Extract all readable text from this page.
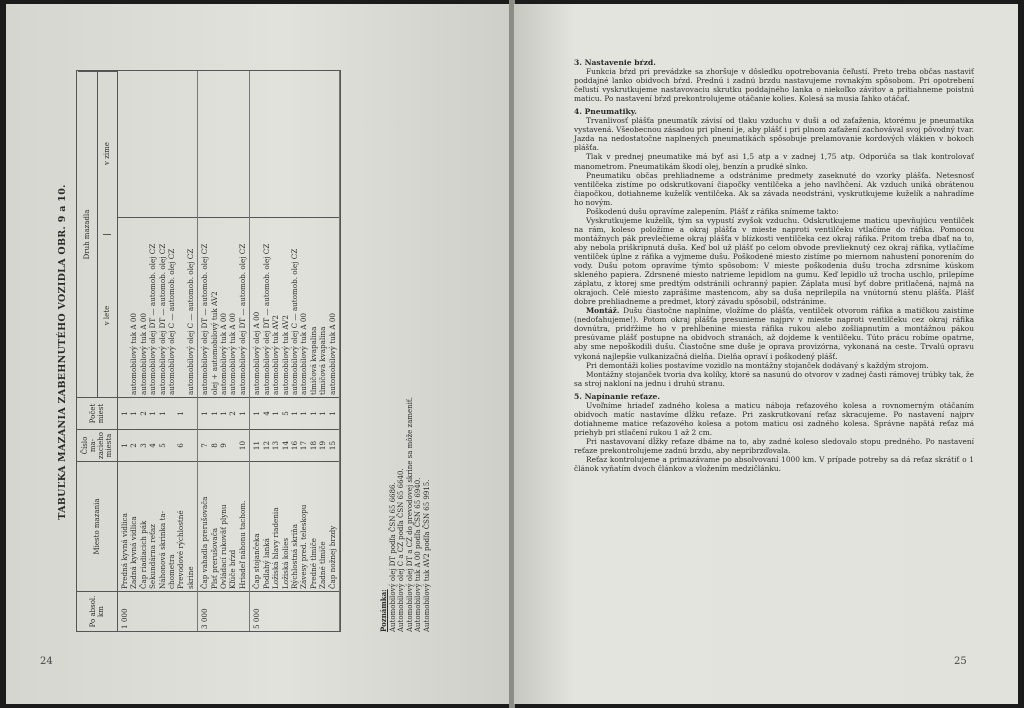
TABUĽKA MAZANIA ZABEHNUTÉHO VOZIDLA OBR. 9 a 10.
Po absol. km
Miesto mazania
Číslo ma- zacieho miesta
Počet miest
Druh mazadla
v lete
v zime
1 000
Predná kyvná vidlica Zadná kyvná vidlica Čap riadiacich pák Sekundárna reťaz Náhonová skrinka ta- chometra Prevodové rýchlostné skrine
1 2 3 4 5
6

1 1 2 1 1
1

automobilový tuk A 00 automobilový tuk A 00 automobilový olej DT — automob. olej CZ automobilový olej DT — automob. olej CZ automobilový olej C — automob. olej CZ
automobilový olej C — automob. olej CZ

3 000
Čap vahadla prerušovača Plsť prerušovača Ovládací rukoväť plynu Kľúče bŕzd Hriadeľ náhonu tachom.
7 8 9
10
1 1 1 2 1
automobilový olej DT — automob. olej CZ olej + automobilový tuk AV2 automobilový tuk A 00 automobilový tuk A 00 automobilový olej DT — automob. olej CZ

5 000
Čap stojančeka Podlahý lanká Ložiská hlavy riadenia Ložiská kolies Rýchlostná skriňa Závesy pred. teleskopu Predné tlmiče Zadné tlmiče Čap nožnej brzdy
11 12 13 14 16 17 18 19 15
1 4 1 5 1 1 1 1 1
automobilový olej A 00 automobilový olej DT — automob. olej CZ automobilový tuk AV2 automobilový tuk AV2 automobilový olej C — automob. olej CZ automobilový tuk A 00 tlmičová kvapalina tlmičová kvapalina automobilový tuk A 00

Poznámka: Automobilový olej DT podľa ČSN 65 6686. Automobilový olej C a CZ podľa ČSN 65 6640. Automobilový olej DT a CZ do prevodovej skrine sa môže zameniť. Automobilový tuk A 00 podľa ČSN 65 6940. Automobilový tuk AV2 podľa ČSN 65 9915.
24
3. Nastavenie bŕzd.

Funkcia bŕzd pri prevádzke sa zhoršuje v dôsledku opotrebovania čeľustí. Preto treba občas nastaviť poddajné lanko obidvoch bŕzd. Prednú i zadnú brzdu nastavujeme rovnakým spôsobom. Pri opotrebení čeľustí vyskrutkujeme nastavovaciu skrutku poddajného lanka o niekoľko závitov a pritiahneme poistnú maticu. Po nastavení bŕzd prekontrolujeme otáčanie kolies. Kolesá sa musia ľahko otáčať.

4. Pneumatiky.

Trvanlivosť plášťa pneumatík závisí od tlaku vzduchu v duši a od zaťaženia, ktorému je pneumatika vystavená. Všeobecnou zásadou pri plnení je, aby plášť i pri plnom zaťažení zachovával svoj pôvodný tvar. Jazda na nedostatočne naplnených pneumatikách spôsobuje prelamovanie kordových vlákien v bokoch plášťa.

Tlak v prednej pneumatike má byť asi 1,5 atp a v zadnej 1,75 atp. Odporúča sa tlak kontrolovať manometrom. Pneumatikám škodí olej, benzín a prudké slnko.

Pneumatiku občas prehliadneme a odstránime predmety zaseknuté do vzorky plášťa. Netesnosť ventilčeka zistíme po odskrutkovaní čiapočky ventilčeka a jeho navlhčení. Ak vzduch uniká obrátenou čiapočkou, dotiahneme kuželík ventilčeka. Ak sa závada neodstráni, vyskrutkujeme kuželík a nahradíme ho novým.

Poškodenú dušu opravíme zalepením. Plášť z ráfika snímeme takto:

Vyskrutkujeme kuželík, tým sa vypustí zvyšok vzduchu. Odskrutkujeme maticu upevňujúcu ventilček na rám, koleso položíme a okraj plášťa v mieste naproti ventilčeku vtlačíme do ráfika. Pomocou montážnych pák prevlečieme okraj plášťa v blízkosti ventilčeka cez okraj ráfika. Pritom treba dbať na to, aby nebola priškripnutá duša. Keď bol už plášť po celom obvode prevlieknutý cez okraj ráfika, vytlačíme ventilček úplne z ráfika a vyjmeme dušu. Poškodené miesto zistíme po miernom nahustení ponorením do vody. Dušu potom opravíme týmto spôsobom: V mieste poškodenia dušu trocha zdrsníme kúskom skleného papiera. Zdrsnené miesto natrieme lepidlom na gumu. Keď lepidlo už trocha uschlo, prilepíme záplatu, z ktorej sme predtým odstránili ochranný papier. Záplata musí byť dobre pritlačená, najmä na okrajoch. Celé miesto zaprášime mastencom, aby sa duša neprilepila na vnútornú stenu plášťa. Plášť dobre prehliadneme a predmet, ktorý závadu spôsobil, odstránime.

Montáž. Dušu čiastočne naplníme, vložíme do plášťa, ventilček otvorom ráfika a matičkou zaistíme (nedoťahujeme!). Potom okraj plášťa presunieme najprv v mieste naproti ventilčeku cez okraj ráfika dovnútra, pridŕžime ho v prehĺbenine miesta ráfika rukou alebo zošliapnutím a montážnou pákou presúvame plášť postupne na obidvoch stranách, až dojdeme k ventilčeku. Túto prácu robíme opatrne, aby sme nepoškodili dušu. Čiastočne sme duše je oprava provizórna, vykonaná na ceste. Trvalú opravu vykoná najlepšie vulkanizačná dielňa. Dielňa opraví i poškodený plášť.

Pri demontáži kolies postavíme vozidlo na montážny stojanček dodávaný s každým strojom.

Montážny stojanček tvoria dva kolíky, ktoré sa nasunú do otvorov v zadnej časti rámovej trúbky tak, že sa stroj nakloní na jednu i druhú stranu.

5. Napínanie reťaze.

Uvoľníme hriadeľ zadného kolesa a maticu nábojа reťazového kolesa a rovnomerným otáčaním obidvoch matíc nastavíme dĺžku reťaze. Pri zaskrutkovaní reťaz skracujeme. Po nastavení najprv dotiahneme matice reťazového kolesa a potom maticu osi zadného kolesa. Správne napätá reťaz má priehyb pri stlačení rukou 1 až 2 cm.

Pri nastavovaní dĺžky reťaze dbáme na to, aby zadné koleso sledovalo stopu predného. Po nastavení reťaze prekontrolujeme zadnú brzdu, aby nepribrzďovala.

Reťaz kontrolujeme a primazávame po absolvovaní 1000 km. V prípade potreby sa dá reťaz skrátiť o 1 článok vyňatím dvoch článkov a vložením medzičlánku.

25
